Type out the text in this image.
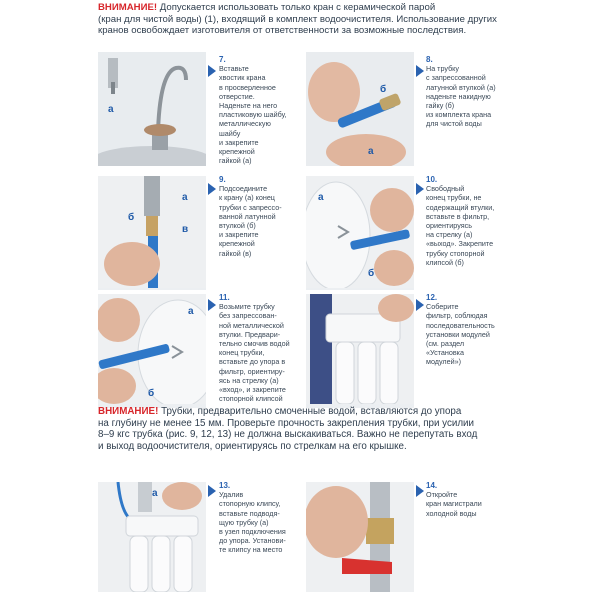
ВНИМАНИЕ! Допускается использовать только кран с керамической парой
(кран для чистой воды) (1), входящий в комплект водоочистителя. Использование других
кранов освобождает изготовителя от ответственности за возможные последствия.
а
7.
Вставьте
хвостик крана
в просверленное
отверстие.
Наденьте на него
пластиковую шайбу,
металлическую
шайбу
и закрепите
крепежной
гайкой (а)
б
а
8.
На трубку
с запрессованной
латунной втулкой (а)
наденьте накидную
гайку (б)
из комплекта крана
для чистой воды
а
б
в
9.
Подсоедините
к крану (а) конец
трубки с запрессо-
ванной латунной
втулкой (б)
и закрепите
крепежной
гайкой (в)
а
б
10.
Свободный
конец трубки, не
содержащий втулки,
вставьте в фильтр,
ориентируясь
на стрелку (а)
«выход». Закрепите
трубку стопорной
клипсой (б)
а
б
11.
Возьмите трубку
без запрессован-
ной металлической
втулки. Предвари-
тельно смочив водой
конец трубки,
вставьте до упора в
фильтр, ориентиру-
ясь на стрелку (а)
«вход», и закрепите
стопорной клипсой
12.
Соберите
фильтр, соблюдая
последовательность
установки модулей
(см. раздел
«Установка
модулей»)
ВНИМАНИЕ! Трубки, предварительно смоченные водой, вставляются до упора
на глубину не менее 15 мм. Проверьте прочность закрепления трубки, при усилии
8–9 кгс трубка (рис. 9, 12, 13) не должна выскакиваться. Важно не перепутать вход
и выход водоочистителя, ориентируясь по стрелкам на его крышке.
а
13.
Удалив
стопорную клипсу,
вставьте подводя-
щую трубку (а)
в узел подключения
до упора. Установи-
те клипсу на место
14.
Откройте
кран магистрали
холодной воды
